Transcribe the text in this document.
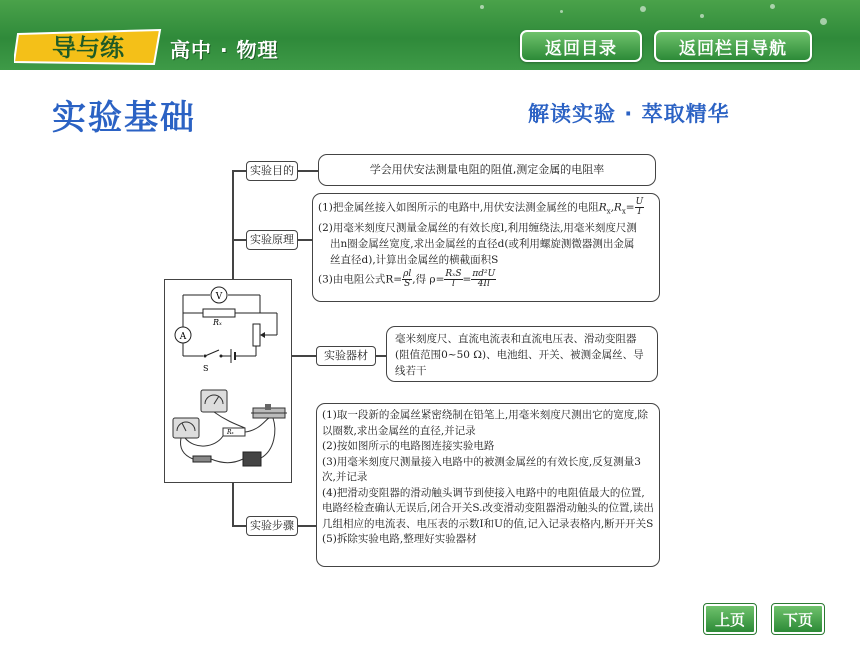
导与练 高中 · 物理	返回目录	返回栏目导航
实验基础	解读实验 · 萃取精华
实验目的	学会用伏安法测量电阻的阻值,测定金属的电阻率
实验原理
(1)把金属丝接入如图所示的电路中,用伏安法测金属丝的电阻$R_x,R_x= \frac{U}{I}$
(2)用毫米刻度尺测量金属丝的有效长度l,利用缠绕法,用毫米刻度尺测
出n圈金属丝宽度,求出金属丝的直径d(或利用螺旋测微器测出金属
丝直径d),计算出金属丝的横截面积S
(3)由电阻公式$R= \frac{\rho l}{S}$ ,得 $\rho= \frac{\text{RₓS}}{l} = \frac{\text{πd²U}}{4Il}$
V
Rₓ
A
S
Rₓ
实验器材
毫米刻度尺、直流电流表和直流电压表、滑动变阻器(阻值范围0~50 Ω)、电池组、开关、被测金属丝、导线若干
实验步骤
(1)取一段新的金属丝紧密绕制在铅笔上,用毫米刻度尺测出它的宽度,除以圈数,求出金属丝的直径,并记录
(2)按如图所示的电路图连接实验电路
(3)用毫米刻度尺测量接入电路中的被测金属丝的有效长度,反复测量3次,并记录
(4)把滑动变阻器的滑动触头调节到使接入电路中的电阻值最大的位置,电路经检查确认无误后,闭合开关S.改变滑动变阻器滑动触头的位置,读出几组相应的电流表、电压表的示数I和U的值,记入记录表格内,断开开关S
(5)拆除实验电路,整理好实验器材
上页	下页
